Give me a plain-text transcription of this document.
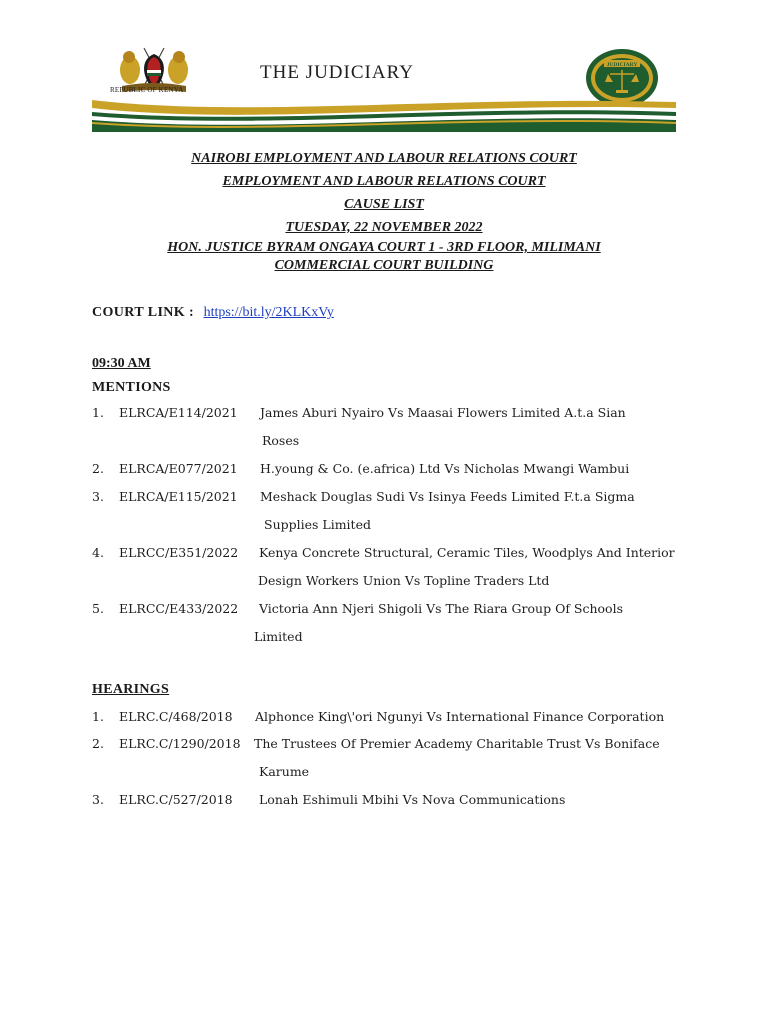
REPUBLIC OF KENYA
THE JUDICIARY	JUDICIARY
NAIROBI EMPLOYMENT AND LABOUR RELATIONS COURT
EMPLOYMENT AND LABOUR RELATIONS COURT
CAUSE LIST
TUESDAY, 22 NOVEMBER 2022
HON. JUSTICE BYRAM ONGAYA COURT 1 - 3RD FLOOR, MILIMANI
COMMERCIAL COURT BUILDING
COURT LINK : https://bit.ly/2KLKxVy
09:30 AM
MENTIONS
1. ELRCA/E114/2021 James Aburi Nyairo Vs Maasai Flowers Limited A.t.a Sian
Roses
2. ELRCA/E077/2021 H.young & Co. (e.africa) Ltd Vs Nicholas Mwangi Wambui
3. ELRCA/E115/2021 Meshack Douglas Sudi Vs Isinya Feeds Limited F.t.a Sigma
Supplies Limited
4. ELRCC/E351/2022 Kenya Concrete Structural, Ceramic Tiles, Woodplys And Interior
Design Workers Union Vs Topline Traders Ltd
5. ELRCC/E433/2022 Victoria Ann Njeri Shigoli Vs The Riara Group Of Schools
Limited
HEARINGS
1. ELRC.C/468/2018 Alphonce King\'ori Ngunyi Vs International Finance Corporation
2. ELRC.C/1290/2018 The Trustees Of Premier Academy Charitable Trust Vs Boniface
Karume
3. ELRC.C/527/2018 Lonah Eshimuli Mbihi Vs Nova Communications
